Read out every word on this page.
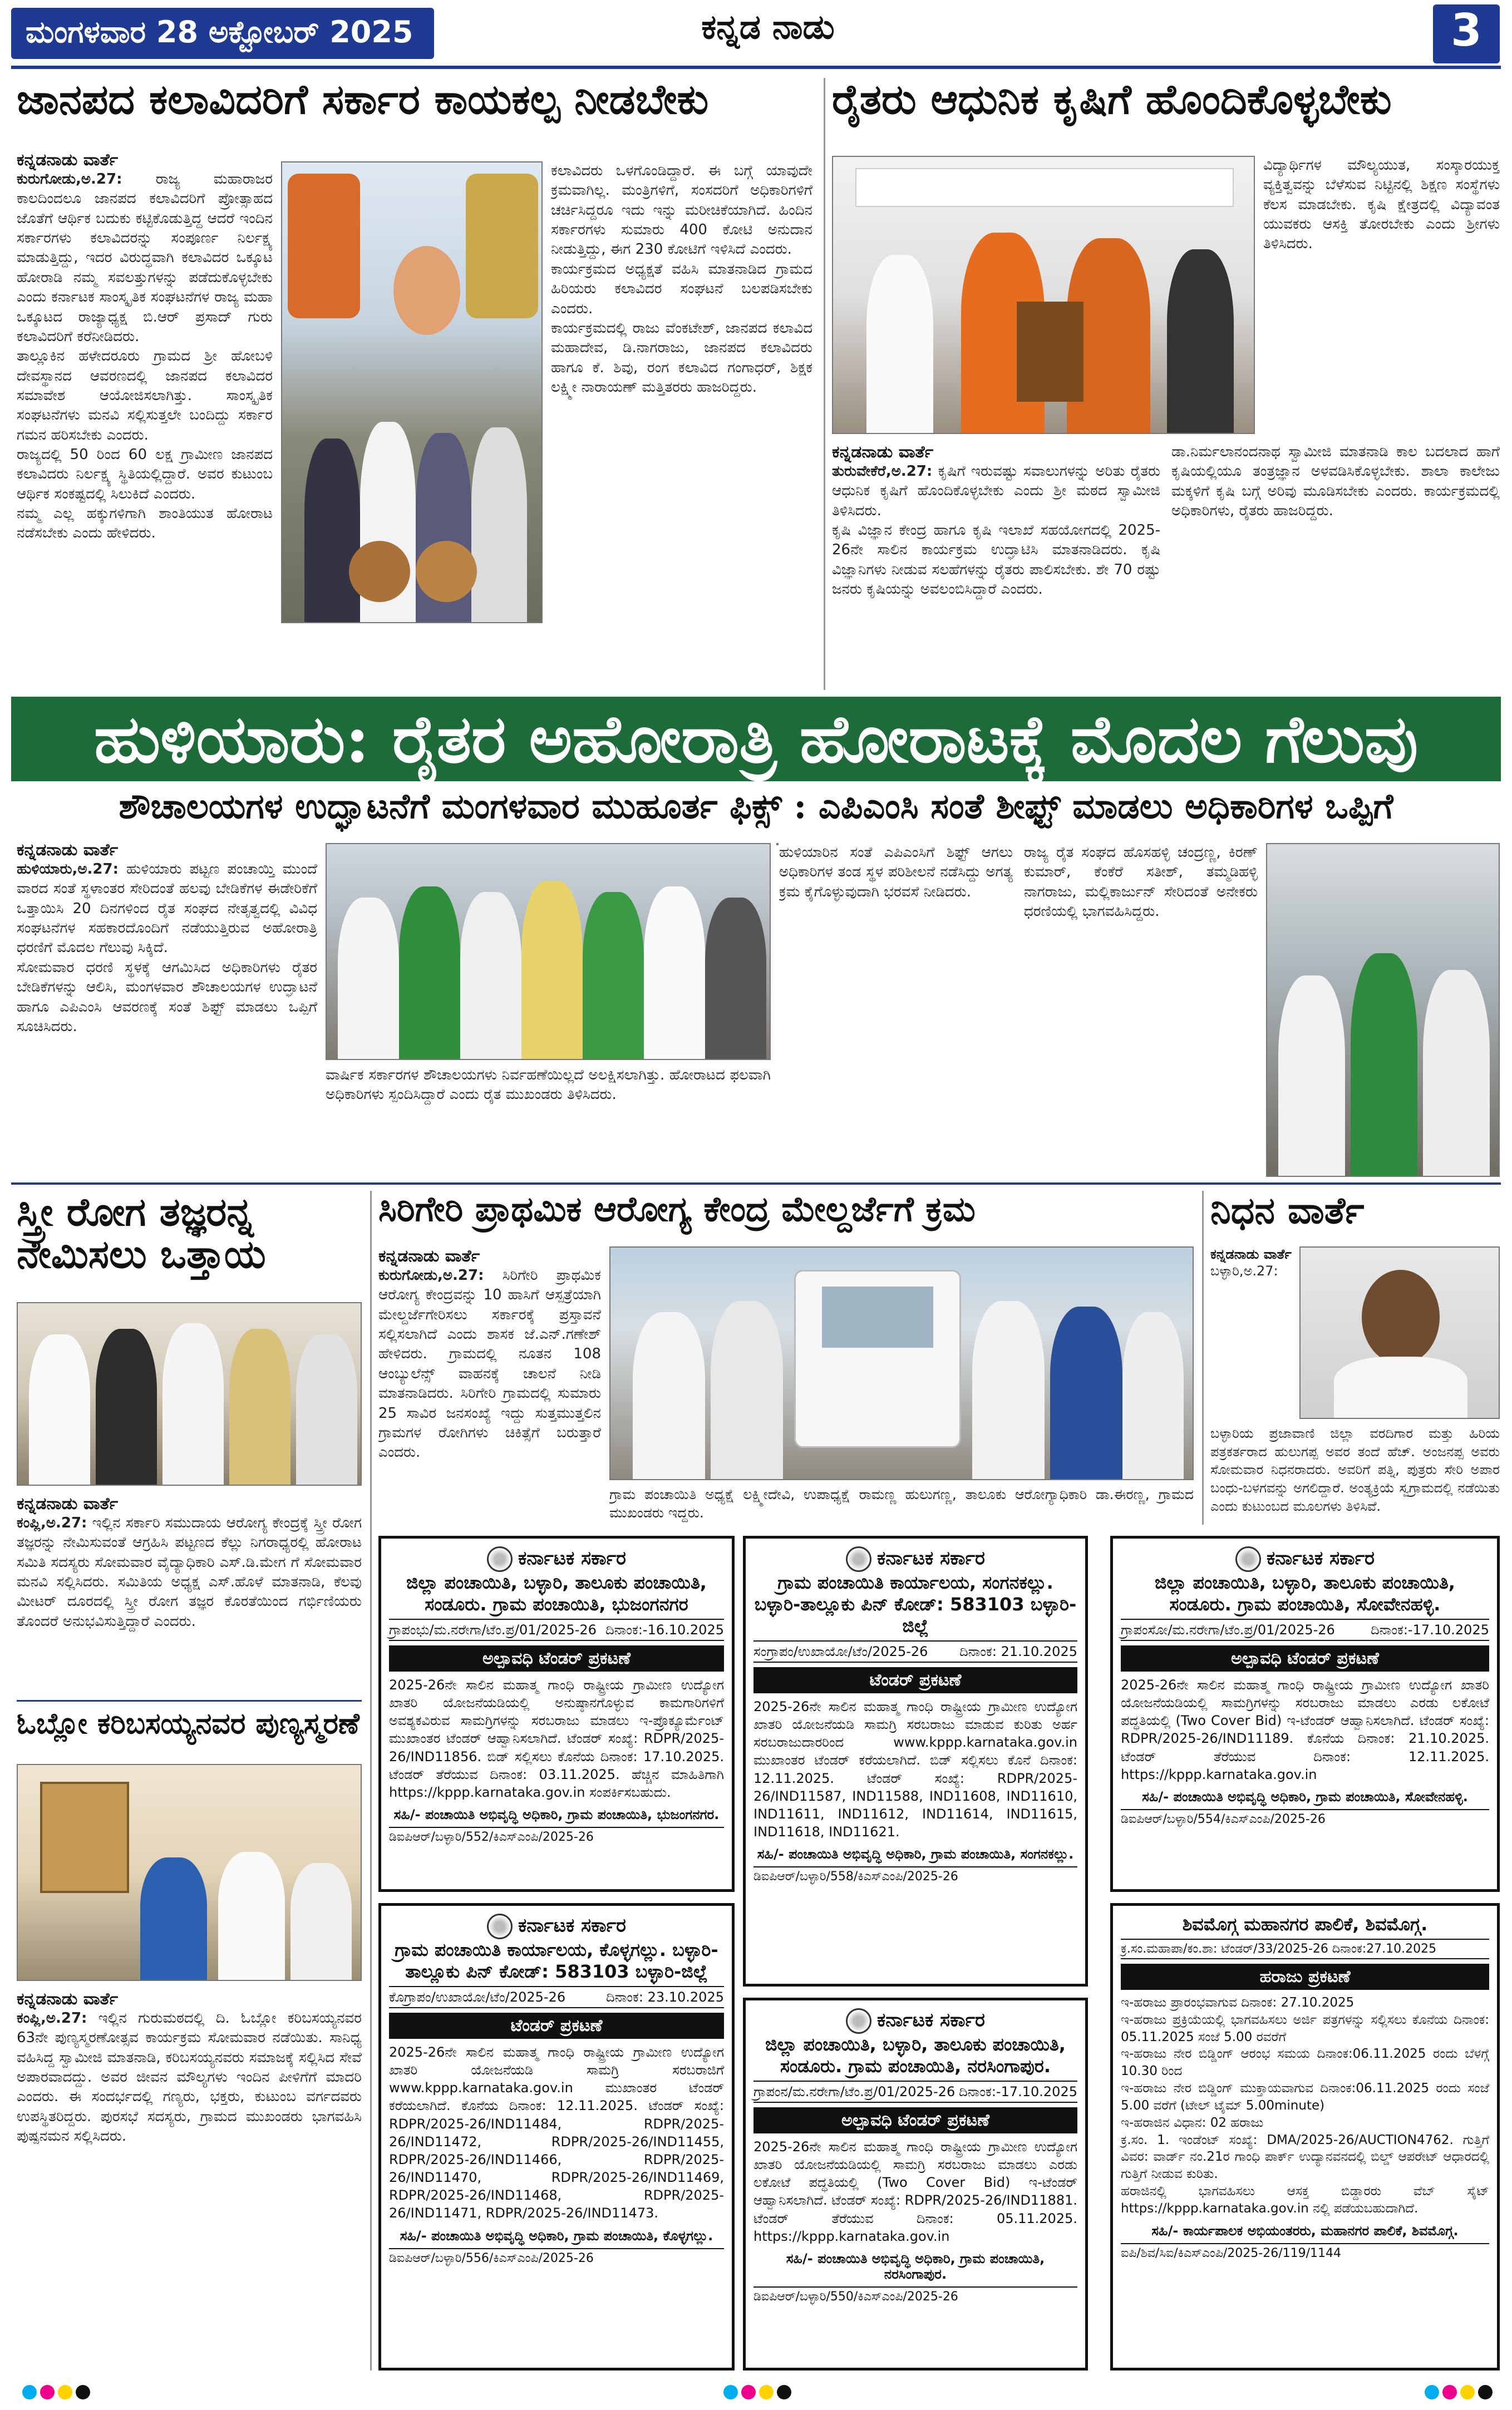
ಮಂಗಳವಾರ 28 ಅಕ್ಟೋಬರ್ 2025	ಕನ್ನಡ ನಾಡು	3
ಜಾನಪದ ಕಲಾವಿದರಿಗೆ ಸರ್ಕಾರ ಕಾಯಕಲ್ಪ ನೀಡಬೇಕು
ಕನ್ನಡನಾಡು ವಾರ್ತೆ
ಕುರುಗೋಡು,ಅ.27: ರಾಜ್ಯ ಮಹಾರಾಜರ ಕಾಲದಿಂದಲೂ ಜಾನಪದ ಕಲಾವಿದರಿಗೆ ಪ್ರೋತ್ಸಾಹದ ಜೊತೆಗೆ ಆರ್ಥಿಕ ಬದುಕು ಕಟ್ಟಿಕೊಡುತ್ತಿದ್ದ ಆದರೆ ಇಂದಿನ ಸರ್ಕಾರಗಳು ಕಲಾವಿದರನ್ನು ಸಂಪೂರ್ಣ ನಿರ್ಲಕ್ಷ್ಯ ಮಾಡುತ್ತಿದ್ದು, ಇದರ ವಿರುದ್ಧವಾಗಿ ಕಲಾವಿದರ ಒಕ್ಕೂಟ ಹೋರಾಡಿ ನಮ್ಮ ಸವಲತ್ತುಗಳನ್ನು ಪಡೆದುಕೊಳ್ಳಬೇಕು ಎಂದು ಕರ್ನಾಟಕ ಸಾಂಸ್ಕೃತಿಕ ಸಂಘಟನೆಗಳ ರಾಜ್ಯ ಮಹಾ ಒಕ್ಕೂಟದ ರಾಜ್ಯಾಧ್ಯಕ್ಷ ಬಿ.ಆರ್ ಪ್ರಸಾದ್ ಗುರು ಕಲಾವಿದರಿಗೆ ಕರೆನೀಡಿದರು.
ತಾಲ್ಲೂಕಿನ ಹಳೇದರೂರು ಗ್ರಾಮದ ಶ್ರೀ ಹೋಬಳಿ ದೇವಸ್ಥಾನದ ಆವರಣದಲ್ಲಿ ಜಾನಪದ ಕಲಾವಿದರ ಸಮಾವೇಶ ಆಯೋಜಿಸಲಾಗಿತ್ತು. ಸಾಂಸ್ಕೃತಿಕ ಸಂಘಟನೆಗಳು ಮನವಿ ಸಲ್ಲಿಸುತ್ತಲೇ ಬಂದಿದ್ದು ಸರ್ಕಾರ ಗಮನ ಹರಿಸಬೇಕು ಎಂದರು.
ರಾಜ್ಯದಲ್ಲಿ 50 ರಿಂದ 60 ಲಕ್ಷ ಗ್ರಾಮೀಣ ಜಾನಪದ ಕಲಾವಿದರು ನಿರ್ಲಕ್ಷ್ಯ ಸ್ಥಿತಿಯಲ್ಲಿದ್ದಾರೆ. ಅವರ ಕುಟುಂಬ ಆರ್ಥಿಕ ಸಂಕಷ್ಟದಲ್ಲಿ ಸಿಲುಕಿದೆ ಎಂದರು.
ನಮ್ಮ ಎಲ್ಲ ಹಕ್ಕುಗಳಿಗಾಗಿ ಶಾಂತಿಯುತ ಹೋರಾಟ ನಡೆಸಬೇಕು ಎಂದು ಹೇಳಿದರು.
ಕಲಾವಿದರು ಒಳಗೊಂಡಿದ್ದಾರೆ. ಈ ಬಗ್ಗೆ ಯಾವುದೇ ಕ್ರಮವಾಗಿಲ್ಲ. ಮಂತ್ರಿಗಳಿಗೆ, ಸಂಸದರಿಗೆ ಅಧಿಕಾರಿಗಳಿಗೆ ಚರ್ಚಿಸಿದ್ದರೂ ಇದು ಇನ್ನು ಮರೀಚಿಕೆಯಾಗಿದೆ. ಹಿಂದಿನ ಸರ್ಕಾರಗಳು ಸುಮಾರು 400 ಕೋಟಿ ಅನುದಾನ ನೀಡುತ್ತಿದ್ದು, ಈಗ 230 ಕೋಟಿಗೆ ಇಳಿಸಿದೆ ಎಂದರು.
ಕಾರ್ಯಕ್ರಮದ ಅಧ್ಯಕ್ಷತೆ ವಹಿಸಿ ಮಾತನಾಡಿದ ಗ್ರಾಮದ ಹಿರಿಯರು ಕಲಾವಿದರ ಸಂಘಟನೆ ಬಲಪಡಿಸಬೇಕು ಎಂದರು.
ಕಾರ್ಯಕ್ರಮದಲ್ಲಿ ರಾಜು ವೆಂಕಟೇಶ್, ಜಾನಪದ ಕಲಾವಿದ ಮಹಾದೇವ, ಡಿ.ನಾಗರಾಜು, ಜಾನಪದ ಕಲಾವಿದರು ಹಾಗೂ ಕೆ. ಶಿವು, ರಂಗ ಕಲಾವಿದ ಗಂಗಾಧರ್, ಶಿಕ್ಷಕ ಲಕ್ಷ್ಮೀ ನಾರಾಯಣ್ ಮತ್ತಿತರರು ಹಾಜರಿದ್ದರು.
ರೈತರು ಆಧುನಿಕ ಕೃಷಿಗೆ ಹೊಂದಿಕೊಳ್ಳಬೇಕು
ವಿದ್ಯಾರ್ಥಿಗಳ ಮೌಲ್ಯಯುತ, ಸಂಸ್ಕಾರಯುಕ್ತ ವ್ಯಕ್ತಿತ್ವವನ್ನು ಬೆಳೆಸುವ ನಿಟ್ಟಿನಲ್ಲಿ ಶಿಕ್ಷಣ ಸಂಸ್ಥೆಗಳು ಕೆಲಸ ಮಾಡಬೇಕು. ಕೃಷಿ ಕ್ಷೇತ್ರದಲ್ಲಿ ವಿದ್ಯಾವಂತ ಯುವಕರು ಆಸಕ್ತಿ ತೋರಬೇಕು ಎಂದು ಶ್ರೀಗಳು ತಿಳಿಸಿದರು.
ಕನ್ನಡನಾಡು ವಾರ್ತೆ
ತುರುವೇಕೆರೆ,ಅ.27: ಕೃಷಿಗೆ ಇರುವಷ್ಟು ಸವಾಲುಗಳನ್ನು ಅರಿತು ರೈತರು ಆಧುನಿಕ ಕೃಷಿಗೆ ಹೊಂದಿಕೊಳ್ಳಬೇಕು ಎಂದು ಶ್ರೀ ಮಠದ ಸ್ವಾಮೀಜಿ ತಿಳಿಸಿದರು.
ಕೃಷಿ ವಿಜ್ಞಾನ ಕೇಂದ್ರ ಹಾಗೂ ಕೃಷಿ ಇಲಾಖೆ ಸಹಯೋಗದಲ್ಲಿ 2025-26ನೇ ಸಾಲಿನ ಕಾರ್ಯಕ್ರಮ ಉದ್ಘಾಟಿಸಿ ಮಾತನಾಡಿದರು. ಕೃಷಿ ವಿಜ್ಞಾನಿಗಳು ನೀಡುವ ಸಲಹೆಗಳನ್ನು ರೈತರು ಪಾಲಿಸಬೇಕು. ಶೇ 70 ರಷ್ಟು ಜನರು ಕೃಷಿಯನ್ನು ಅವಲಂಬಿಸಿದ್ದಾರೆ ಎಂದರು.
ಡಾ.ನಿರ್ಮಲಾನಂದನಾಥ ಸ್ವಾಮೀಜಿ ಮಾತನಾಡಿ ಕಾಲ ಬದಲಾದ ಹಾಗೆ ಕೃಷಿಯಲ್ಲಿಯೂ ತಂತ್ರಜ್ಞಾನ ಅಳವಡಿಸಿಕೊಳ್ಳಬೇಕು. ಶಾಲಾ ಕಾಲೇಜು ಮಕ್ಕಳಿಗೆ ಕೃಷಿ ಬಗ್ಗೆ ಅರಿವು ಮೂಡಿಸಬೇಕು ಎಂದರು. ಕಾರ್ಯಕ್ರಮದಲ್ಲಿ ಅಧಿಕಾರಿಗಳು, ರೈತರು ಹಾಜರಿದ್ದರು.
ಹುಳಿಯಾರು: ರೈತರ ಅಹೋರಾತ್ರಿ ಹೋರಾಟಕ್ಕೆ ಮೊದಲ ಗೆಲುವು
ಶೌಚಾಲಯಗಳ ಉದ್ಘಾಟನೆಗೆ ಮಂಗಳವಾರ ಮುಹೂರ್ತ ಫಿಕ್ಸ್ : ಎಪಿಎಂಸಿ ಸಂತೆ ಶೀಫ್ಟ್ ಮಾಡಲು ಅಧಿಕಾರಿಗಳ ಒಪ್ಪಿಗೆ
ಕನ್ನಡನಾಡು ವಾರ್ತೆ
ಹುಳಿಯಾರು,ಅ.27: ಹುಳಿಯಾರು ಪಟ್ಟಣ ಪಂಚಾಯ್ತಿ ಮುಂದೆ ವಾರದ ಸಂತೆ ಸ್ಥಳಾಂತರ ಸೇರಿದಂತೆ ಹಲವು ಬೇಡಿಕೆಗಳ ಈಡೇರಿಕೆಗೆ ಒತ್ತಾಯಿಸಿ 20 ದಿನಗಳಿಂದ ರೈತ ಸಂಘದ ನೇತೃತ್ವದಲ್ಲಿ ವಿವಿಧ ಸಂಘಟನೆಗಳ ಸಹಕಾರದೊಂದಿಗೆ ನಡೆಯುತ್ತಿರುವ ಅಹೋರಾತ್ರಿ ಧರಣಿಗೆ ಮೊದಲ ಗೆಲುವು ಸಿಕ್ಕಿದೆ.
ಸೋಮವಾರ ಧರಣಿ ಸ್ಥಳಕ್ಕೆ ಆಗಮಿಸಿದ ಅಧಿಕಾರಿಗಳು ರೈತರ ಬೇಡಿಕೆಗಳನ್ನು ಆಲಿಸಿ, ಮಂಗಳವಾರ ಶೌಚಾಲಯಗಳ ಉದ್ಘಾಟನೆ ಹಾಗೂ ಎಪಿಎಂಸಿ ಆವರಣಕ್ಕೆ ಸಂತೆ ಶಿಫ್ಟ್ ಮಾಡಲು ಒಪ್ಪಿಗೆ ಸೂಚಿಸಿದರು.
ವಾರ್ಷಿಕ ಸರ್ಕಾರಗಳ ಶೌಚಾಲಯಗಳು ನಿರ್ವಹಣೆಯಿಲ್ಲದೆ ಅಲಕ್ಷಿಸಲಾಗಿತ್ತು. ಹೋರಾಟದ ಫಲವಾಗಿ ಅಧಿಕಾರಿಗಳು ಸ್ಪಂದಿಸಿದ್ದಾರೆ ಎಂದು ರೈತ ಮುಖಂಡರು ತಿಳಿಸಿದರು.
ಹುಳಿಯಾರಿನ ಸಂತೆ ಎಪಿಎಂಸಿಗೆ ಶಿಫ್ಟ್ ಆಗಲು ಅಧಿಕಾರಿಗಳ ತಂಡ ಸ್ಥಳ ಪರಿಶೀಲನೆ ನಡೆಸಿದ್ದು ಅಗತ್ಯ ಕ್ರಮ ಕೈಗೊಳ್ಳುವುದಾಗಿ ಭರವಸೆ ನೀಡಿದರು.
ರಾಜ್ಯ ರೈತ ಸಂಘದ ಹೊಸಹಳ್ಳಿ ಚಂದ್ರಣ್ಣ, ಕಿರಣ್ ಕುಮಾರ್, ಕೆಂಕೆರೆ ಸತೀಶ್, ತಮ್ಮಡಿಹಳ್ಳಿ ನಾಗರಾಜು, ಮಲ್ಲಿಕಾರ್ಜುನ್ ಸೇರಿದಂತೆ ಅನೇಕರು ಧರಣಿಯಲ್ಲಿ ಭಾಗವಹಿಸಿದ್ದರು.
ಸ್ತ್ರೀ ರೋಗ ತಜ್ಞರನ್ನ ನೇಮಿಸಲು ಒತ್ತಾಯ
ಕನ್ನಡನಾಡು ವಾರ್ತೆ
ಕಂಪ್ಲಿ,ಅ.27: ಇಲ್ಲಿನ ಸರ್ಕಾರಿ ಸಮುದಾಯ ಆರೋಗ್ಯ ಕೇಂದ್ರಕ್ಕೆ ಸ್ತ್ರೀ ರೋಗ ತಜ್ಞರನ್ನು ನೇಮಿಸುವಂತೆ ಆಗ್ರಹಿಸಿ ಪಟ್ಟಣದ ಕೆಲ್ಲು ನಿಗರಾಧ್ಯರಲ್ಲಿ ಹೋರಾಟ ಸಮಿತಿ ಸದಸ್ಯರು ಸೋಮವಾರ ವೈದ್ಯಾಧಿಕಾರಿ ಎಸ್.ಡಿ.ಮೇಗ ಗೆ ಸೋಮವಾರ ಮನವಿ ಸಲ್ಲಿಸಿದರು. ಸಮಿತಿಯ ಅಧ್ಯಕ್ಷ ಎಸ್.ಹೊಳೆ ಮಾತನಾಡಿ, ಕೆಲವು ಮೀಟರ್ ದೂರದಲ್ಲಿ ಸ್ತ್ರೀ ರೋಗ ತಜ್ಞರ ಕೊರತೆಯಿಂದ ಗರ್ಭಿಣಿಯರು ತೊಂದರೆ ಅನುಭವಿಸುತ್ತಿದ್ದಾರೆ ಎಂದರು.
ಓಬ್ಲೋ ಕರಿಬಸಯ್ಯನವರ ಪುಣ್ಯಸ್ಮರಣೆ
ಕನ್ನಡನಾಡು ವಾರ್ತೆ
ಕಂಪ್ಲಿ,ಅ.27: ಇಲ್ಲಿನ ಗುರುಮಠದಲ್ಲಿ ದಿ. ಓಬ್ಲೋ ಕರಿಬಸಯ್ಯನವರ 63ನೇ ಪುಣ್ಯಸ್ಮರಣೋತ್ಸವ ಕಾರ್ಯಕ್ರಮ ಸೋಮವಾರ ನಡೆಯಿತು. ಸಾನಿಧ್ಯ ವಹಿಸಿದ್ದ ಸ್ವಾಮೀಜಿ ಮಾತನಾಡಿ, ಕರಿಬಸಯ್ಯನವರು ಸಮಾಜಕ್ಕೆ ಸಲ್ಲಿಸಿದ ಸೇವೆ ಅಪಾರವಾದದ್ದು. ಅವರ ಜೀವನ ಮೌಲ್ಯಗಳು ಇಂದಿನ ಪೀಳಿಗೆಗೆ ಮಾದರಿ ಎಂದರು. ಈ ಸಂದರ್ಭದಲ್ಲಿ ಗಣ್ಯರು, ಭಕ್ತರು, ಕುಟುಂಬ ವರ್ಗದವರು ಉಪಸ್ಥಿತರಿದ್ದರು. ಪುರಸಭೆ ಸದಸ್ಯರು, ಗ್ರಾಮದ ಮುಖಂಡರು ಭಾಗವಹಿಸಿ ಪುಷ್ಪನಮನ ಸಲ್ಲಿಸಿದರು.
ಸಿರಿಗೇರಿ ಪ್ರಾಥಮಿಕ ಆರೋಗ್ಯ ಕೇಂದ್ರ ಮೇಲ್ದರ್ಜೆಗೆ ಕ್ರಮ
ಕನ್ನಡನಾಡು ವಾರ್ತೆ
ಕುರುಗೋಡು,ಅ.27: ಸಿರಿಗೇರಿ ಪ್ರಾಥಮಿಕ ಆರೋಗ್ಯ ಕೇಂದ್ರವನ್ನು 10 ಹಾಸಿಗೆ ಆಸ್ಪತ್ರೆಯಾಗಿ ಮೇಲ್ದರ್ಜೆಗೇರಿಸಲು ಸರ್ಕಾರಕ್ಕೆ ಪ್ರಸ್ತಾವನೆ ಸಲ್ಲಿಸಲಾಗಿದೆ ಎಂದು ಶಾಸಕ ಜೆ.ಎನ್.ಗಣೇಶ್ ಹೇಳಿದರು. ಗ್ರಾಮದಲ್ಲಿ ನೂತನ 108 ಆಂಬ್ಯುಲೆನ್ಸ್ ವಾಹನಕ್ಕೆ ಚಾಲನೆ ನೀಡಿ ಮಾತನಾಡಿದರು. ಸಿರಿಗೇರಿ ಗ್ರಾಮದಲ್ಲಿ ಸುಮಾರು 25 ಸಾವಿರ ಜನಸಂಖ್ಯೆ ಇದ್ದು ಸುತ್ತಮುತ್ತಲಿನ ಗ್ರಾಮಗಳ ರೋಗಿಗಳು ಚಿಕಿತ್ಸೆಗೆ ಬರುತ್ತಾರೆ ಎಂದರು.
ಗ್ರಾಮ ಪಂಚಾಯಿತಿ ಅಧ್ಯಕ್ಷೆ ಲಕ್ಷ್ಮೀದೇವಿ, ಉಪಾಧ್ಯಕ್ಷೆ ರಾಮಣ್ಣ ಹುಲುಗಣ್ಣ, ತಾಲೂಕು ಆರೋಗ್ಯಾಧಿಕಾರಿ ಡಾ.ಈರಣ್ಣ, ಗ್ರಾಮದ ಮುಖಂಡರು ಇದ್ದರು.
ನಿಧನ ವಾರ್ತೆ
ಕನ್ನಡನಾಡು ವಾರ್ತೆ
ಬಳ್ಳಾರಿ,ಅ.27:
ಬಳ್ಳಾರಿಯ ಪ್ರಜಾವಾಣಿ ಜಿಲ್ಲಾ ವರದಿಗಾರ ಮತ್ತು ಹಿರಿಯ ಪತ್ರಕರ್ತರಾದ ಹುಲುಗಪ್ಪ ಅವರ ತಂದೆ ಹೆಚ್. ಅಂಜನಪ್ಪ ಅವರು ಸೋಮವಾರ ನಿಧನರಾದರು. ಅವರಿಗೆ ಪತ್ನಿ, ಪುತ್ರರು ಸೇರಿ ಅಪಾರ ಬಂಧು-ಬಳಗವನ್ನು ಅಗಲಿದ್ದಾರೆ. ಅಂತ್ಯಕ್ರಿಯೆ ಸ್ವಗ್ರಾಮದಲ್ಲಿ ನಡೆಯಿತು ಎಂದು ಕುಟುಂಬದ ಮೂಲಗಳು ತಿಳಿಸಿವೆ.
ಕರ್ನಾಟಕ ಸರ್ಕಾರ
ಜಿಲ್ಲಾ ಪಂಚಾಯಿತಿ, ಬಳ್ಳಾರಿ, ತಾಲೂಕು ಪಂಚಾಯಿತಿ, ಸಂಡೂರು. ಗ್ರಾಮ ಪಂಚಾಯಿತಿ, ಭುಜಂಗನಗರ
ಗ್ರಾಪಂಭು/ಮ.ನರೇಗಾ/ಟೆಂ.ಪ್ರ/01/2025-26 ದಿನಾಂಕ:-16.10.2025
ಅಲ್ಪಾವಧಿ ಟೆಂಡರ್ ಪ್ರಕಟಣೆ
2025-26ನೇ ಸಾಲಿನ ಮಹಾತ್ಮ ಗಾಂಧಿ ರಾಷ್ಟ್ರೀಯ ಗ್ರಾಮೀಣ ಉದ್ಯೋಗ ಖಾತರಿ ಯೋಜನೆಯಡಿಯಲ್ಲಿ ಅನುಷ್ಠಾನಗೊಳ್ಳುವ ಕಾಮಗಾರಿಗಳಿಗೆ ಅವಶ್ಯಕವಿರುವ ಸಾಮಗ್ರಿಗಳನ್ನು ಸರಬರಾಜು ಮಾಡಲು ಇ-ಪ್ರೊಕ್ಯೂರ್ಮೆಂಟ್ ಮುಖಾಂತರ ಟೆಂಡರ್ ಆಹ್ವಾನಿಸಲಾಗಿದೆ. ಟೆಂಡರ್ ಸಂಖ್ಯೆ: RDPR/2025-26/IND11856. ಬಿಡ್ ಸಲ್ಲಿಸಲು ಕೊನೆಯ ದಿನಾಂಕ: 17.10.2025. ಟೆಂಡರ್ ತೆರೆಯುವ ದಿನಾಂಕ: 03.11.2025. ಹೆಚ್ಚಿನ ಮಾಹಿತಿಗಾಗಿ https://kppp.karnataka.gov.in ಸಂಪರ್ಕಿಸಬಹುದು.
ಸಹಿ/- ಪಂಚಾಯಿತಿ ಅಭಿವೃದ್ಧಿ ಅಧಿಕಾರಿ, ಗ್ರಾಮ ಪಂಚಾಯಿತಿ, ಭುಜಂಗನಗರ.
ಡಿಐಪಿಆರ್/ಬಳ್ಳಾರಿ/552/ಕಿಎಸ್ಎಂಪಿ/2025-26
ಕರ್ನಾಟಕ ಸರ್ಕಾರ
ಗ್ರಾಮ ಪಂಚಾಯಿತಿ ಕಾರ್ಯಾಲಯ, ಸಂಗನಕಲ್ಲು. ಬಳ್ಳಾರಿ-ತಾಲ್ಲೂಕು ಪಿನ್ ಕೋಡ್: 583103 ಬಳ್ಳಾರಿ-ಜಿಲ್ಲೆ
ಸಂಗ್ರಾಪಂ/ಉಖಾಯೋ/ಟೆಂ/2025-26 ದಿನಾಂಕ: 21.10.2025
ಟೆಂಡರ್ ಪ್ರಕಟಣೆ
2025-26ನೇ ಸಾಲಿನ ಮಹಾತ್ಮ ಗಾಂಧಿ ರಾಷ್ಟ್ರೀಯ ಗ್ರಾಮೀಣ ಉದ್ಯೋಗ ಖಾತರಿ ಯೋಜನೆಯಡಿ ಸಾಮಗ್ರಿ ಸರಬರಾಜು ಮಾಡುವ ಕುರಿತು ಅರ್ಹ ಸರಬರಾಜುದಾರರಿಂದ www.kppp.karnataka.gov.in ಮುಖಾಂತರ ಟೆಂಡರ್ ಕರೆಯಲಾಗಿದೆ. ಬಿಡ್ ಸಲ್ಲಿಸಲು ಕೊನೆ ದಿನಾಂಕ: 12.11.2025. ಟೆಂಡರ್ ಸಂಖ್ಯೆ: RDPR/2025-26/IND11587, IND11588, IND11608, IND11610, IND11611, IND11612, IND11614, IND11615, IND11618, IND11621.
ಸಹಿ/- ಪಂಚಾಯಿತಿ ಅಭಿವೃದ್ಧಿ ಅಧಿಕಾರಿ, ಗ್ರಾಮ ಪಂಚಾಯಿತಿ, ಸಂಗನಕಲ್ಲು.
ಡಿಐಪಿಆರ್/ಬಳ್ಳಾರಿ/558/ಕಿಎಸ್ಎಂಪಿ/2025-26
ಕರ್ನಾಟಕ ಸರ್ಕಾರ
ಜಿಲ್ಲಾ ಪಂಚಾಯಿತಿ, ಬಳ್ಳಾರಿ, ತಾಲೂಕು ಪಂಚಾಯಿತಿ, ಸಂಡೂರು. ಗ್ರಾಮ ಪಂಚಾಯಿತಿ, ಸೋವೇನಹಳ್ಳಿ.
ಗ್ರಾಪಂಸೋ/ಮ.ನರೇಗಾ/ಟೆಂ.ಪ್ರ/01/2025-26	ದಿನಾಂಕ:-17.10.2025
ಅಲ್ಪಾವಧಿ ಟೆಂಡರ್ ಪ್ರಕಟಣೆ
2025-26ನೇ ಸಾಲಿನ ಮಹಾತ್ಮ ಗಾಂಧಿ ರಾಷ್ಟ್ರೀಯ ಗ್ರಾಮೀಣ ಉದ್ಯೋಗ ಖಾತರಿ ಯೋಜನೆಯಡಿಯಲ್ಲಿ ಸಾಮಗ್ರಿಗಳನ್ನು ಸರಬರಾಜು ಮಾಡಲು ಎರಡು ಲಕೋಟೆ ಪದ್ಧತಿಯಲ್ಲಿ (Two Cover Bid) ಇ-ಟೆಂಡರ್ ಆಹ್ವಾನಿಸಲಾಗಿದೆ. ಟೆಂಡರ್ ಸಂಖ್ಯೆ: RDPR/2025-26/IND11189. ಕೊನೆಯ ದಿನಾಂಕ: 21.10.2025. ಟೆಂಡರ್ ತೆರೆಯುವ ದಿನಾಂಕ: 12.11.2025. https://kppp.karnataka.gov.in
ಸಹಿ/- ಪಂಚಾಯಿತಿ ಅಭಿವೃದ್ಧಿ ಅಧಿಕಾರಿ, ಗ್ರಾಮ ಪಂಚಾಯಿತಿ, ಸೋವೇನಹಳ್ಳಿ.
ಡಿಐಪಿಆರ್/ಬಳ್ಳಾರಿ/554/ಕಿಎಸ್ಎಂಪಿ/2025-26
ಕರ್ನಾಟಕ ಸರ್ಕಾರ
ಗ್ರಾಮ ಪಂಚಾಯಿತಿ ಕಾರ್ಯಾಲಯ, ಕೊಳ್ಳಗಲ್ಲು. ಬಳ್ಳಾರಿ-ತಾಲ್ಲೂಕು ಪಿನ್ ಕೋಡ್: 583103 ಬಳ್ಳಾರಿ-ಜಿಲ್ಲೆ
ಕೊಗ್ರಾಪಂ/ಉಖಾಯೋ/ಟೆಂ/2025-26	ದಿನಾಂಕ: 23.10.2025
ಟೆಂಡರ್ ಪ್ರಕಟಣೆ
2025-26ನೇ ಸಾಲಿನ ಮಹಾತ್ಮ ಗಾಂಧಿ ರಾಷ್ಟ್ರೀಯ ಗ್ರಾಮೀಣ ಉದ್ಯೋಗ ಖಾತರಿ ಯೋಜನೆಯಡಿ ಸಾಮಗ್ರಿ ಸರಬರಾಜಿಗೆ www.kppp.karnataka.gov.in ಮುಖಾಂತರ ಟೆಂಡರ್ ಕರೆಯಲಾಗಿದೆ. ಕೊನೆಯ ದಿನಾಂಕ: 12.11.2025. ಟೆಂಡರ್ ಸಂಖ್ಯೆ: RDPR/2025-26/IND11484, RDPR/2025-26/IND11472, RDPR/2025-26/IND11455, RDPR/2025-26/IND11466, RDPR/2025-26/IND11470, RDPR/2025-26/IND11469, RDPR/2025-26/IND11468, RDPR/2025-26/IND11471, RDPR/2025-26/IND11473.
ಸಹಿ/- ಪಂಚಾಯಿತಿ ಅಭಿವೃದ್ಧಿ ಅಧಿಕಾರಿ, ಗ್ರಾಮ ಪಂಚಾಯಿತಿ, ಕೊಳ್ಳಗಲ್ಲು.
ಡಿಐಪಿಆರ್/ಬಳ್ಳಾರಿ/556/ಕಿಎಸ್ಎಂಪಿ/2025-26
ಕರ್ನಾಟಕ ಸರ್ಕಾರ
ಜಿಲ್ಲಾ ಪಂಚಾಯಿತಿ, ಬಳ್ಳಾರಿ, ತಾಲೂಕು ಪಂಚಾಯಿತಿ, ಸಂಡೂರು. ಗ್ರಾಮ ಪಂಚಾಯಿತಿ, ನರಸಿಂಗಾಪುರ.
ಗ್ರಾಪಂನ/ಮ.ನರೇಗಾ/ಟೆಂ.ಪ್ರ/01/2025-26 ದಿನಾಂಕ:-17.10.2025
ಅಲ್ಪಾವಧಿ ಟೆಂಡರ್ ಪ್ರಕಟಣೆ
2025-26ನೇ ಸಾಲಿನ ಮಹಾತ್ಮ ಗಾಂಧಿ ರಾಷ್ಟ್ರೀಯ ಗ್ರಾಮೀಣ ಉದ್ಯೋಗ ಖಾತರಿ ಯೋಜನೆಯಡಿಯಲ್ಲಿ ಸಾಮಗ್ರಿ ಸರಬರಾಜು ಮಾಡಲು ಎರಡು ಲಕೋಟೆ ಪದ್ಧತಿಯಲ್ಲಿ (Two Cover Bid) ಇ-ಟೆಂಡರ್ ಆಹ್ವಾನಿಸಲಾಗಿದೆ. ಟೆಂಡರ್ ಸಂಖ್ಯೆ: RDPR/2025-26/IND11881. ಟೆಂಡರ್ ತೆರೆಯುವ ದಿನಾಂಕ: 05.11.2025. https://kppp.karnataka.gov.in
ಸಹಿ/- ಪಂಚಾಯಿತಿ ಅಭಿವೃದ್ಧಿ ಅಧಿಕಾರಿ, ಗ್ರಾಮ ಪಂಚಾಯಿತಿ, ನರಸಿಂಗಾಪುರ.
ಡಿಐಪಿಆರ್/ಬಳ್ಳಾರಿ/550/ಕಿಎಸ್ಎಂಪಿ/2025-26
ಶಿವಮೊಗ್ಗ ಮಹಾನಗರ ಪಾಲಿಕೆ, ಶಿವಮೊಗ್ಗ.
ಕ್ರ.ಸಂ.ಮಹಾಪಾ/ಕಂ.ಶಾ: ಟೆಂಡರ್/33/2025-26 ದಿನಾಂಕ:27.10.2025
ಹರಾಜು ಪ್ರಕಟಣೆ

ಇ-ಹರಾಜು ಪ್ರಾರಂಭವಾಗುವ ದಿನಾಂಕ: 27.10.2025

ಇ-ಹರಾಜು ಪ್ರಕ್ರಿಯೆಯಲ್ಲಿ ಭಾಗವಹಿಸಲು ಅರ್ಜಿ ಪತ್ರಗಳನ್ನು ಸಲ್ಲಿಸಲು ಕೊನೆಯ ದಿನಾಂಕ: 05.11.2025 ಸಂಜೆ 5.00 ರವರೆಗೆ

ಇ-ಹರಾಜು ನೇರ ಬಿಡ್ಡಿಂಗ್ ಆರಂಭ ಸಮಯ ದಿನಾಂಕ:06.11.2025 ರಂದು ಬೆಳಗ್ಗೆ 10.30 ರಿಂದ

ಇ-ಹರಾಜು ನೇರ ಬಿಡ್ಡಿಂಗ್ ಮುಕ್ತಾಯವಾಗುವ ದಿನಾಂಕ:06.11.2025 ರಂದು ಸಂಜೆ 5.00 ವರೆಗೆ (ಟೇಲ್ ಟೈಮ್ 5.00minute)

ಇ-ಹರಾಜಿನ ವಿಧಾನ: 02 ಹರಾಜು

ಕ್ರ.ಸಂ. 1. ಇಂಡೆಂಟ್ ಸಂಖ್ಯೆ: DMA/2025-26/AUCTION4762. ಗುತ್ತಿಗೆ ವಿವರ: ವಾರ್ಡ್ ನಂ.21ರ ಗಾಂಧಿ ಪಾರ್ಕ್ ಉದ್ಯಾನವನದಲ್ಲಿ ಬಿಲ್ಡ್ ಆಪರೇಟ್ ಆಧಾರದಲ್ಲಿ ಗುತ್ತಿಗೆ ನೀಡುವ ಕುರಿತು.

ಹರಾಜಿನಲ್ಲಿ ಭಾಗವಹಿಸಲು ಆಸಕ್ತ ಬಿಡ್ದಾರರು ವೆಬ್ ಸೈಟ್ https://kppp.karnataka.gov.in ನಲ್ಲಿ ಪಡೆಯಬಹುದಾಗಿದೆ.

ಸಹಿ/- ಕಾರ್ಯಪಾಲಕ ಅಭಿಯಂತರರು, ಮಹಾನಗರ ಪಾಲಿಕೆ, ಶಿವಮೊಗ್ಗ.
ಐಪಿ/ಶಿವ/ಸಿಐ/ಕಿಎಸ್ಎಂಪಿ/2025-26/119/1144
